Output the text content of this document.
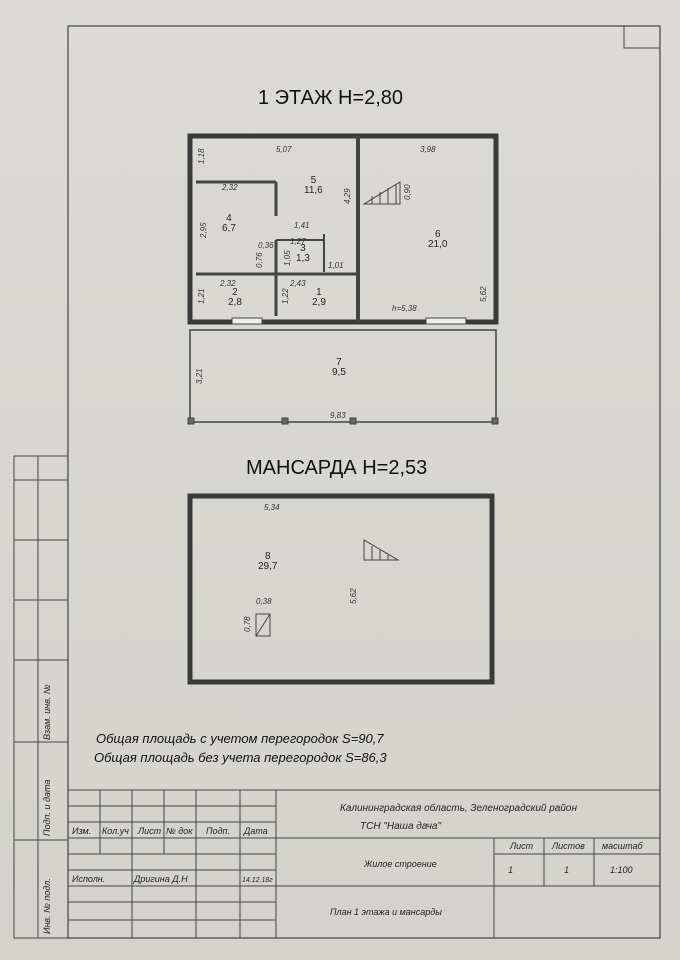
1 ЭТАЖ Н=2,80
МАНСАРДА Н=2,53
5,07	3,98
1,18
2,32
2,95
4,29	0,90
1,41
0,36
0,76
1,27
1,05	1,01
2,32	2,43
1,21	1,22	5,62
h=5,38
3,21
9,83
5
11,6
4
6,7
3
1,3
6
21,0
2
2,8
1
2,9
7
9,5
5,34
5,62
0,38
0,78
8
29,7
Общая площадь с учетом перегородок S=90,7
Общая площадь без учета перегородок S=86,3
Изм. Кол.уч Лист № док Подп. Дата
Исполн.	Дригина Д.Н	14.12.18г
Калининградская область, Зеленоградский район
ТСН "Наша дача"
Жилое строение
План 1 этажа и мансарды
Лист Листов масштаб
1	1	1:100
Взам. инв. №
Подп. и дата
Инв. № подл.
